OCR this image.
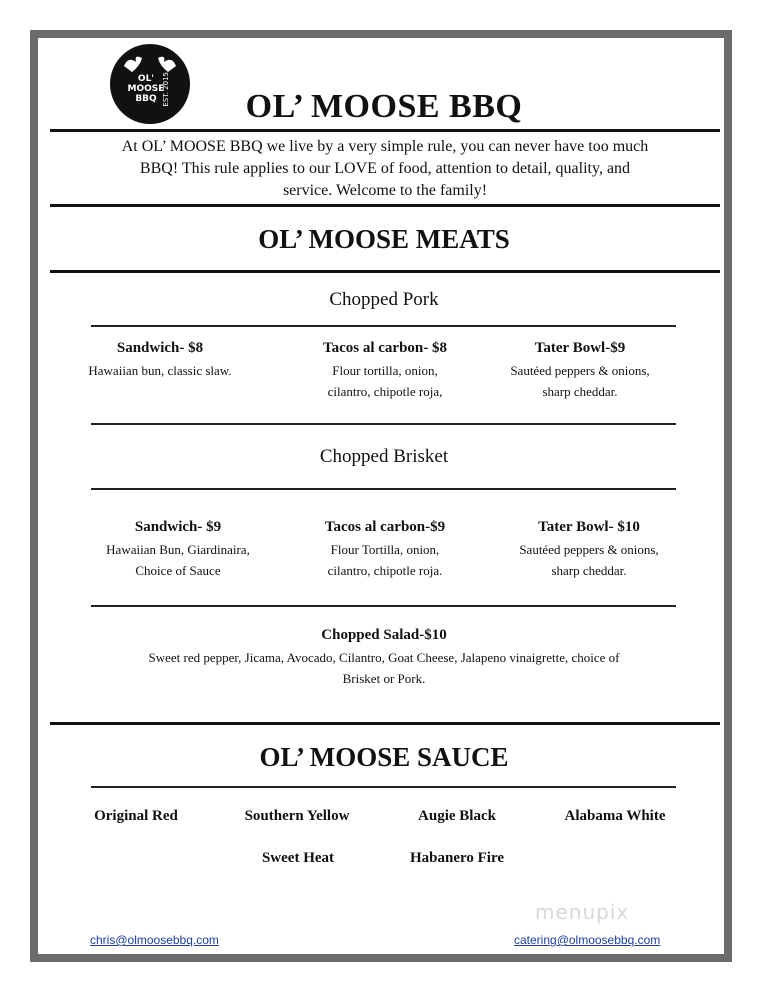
OL'
MOOSE
BBQ EST. 2015	OL’ MOOSE BBQ
At OL’ MOOSE BBQ we live by a very simple rule, you can never have too much
BBQ! This rule applies to our LOVE of food, attention to detail, quality, and
service. Welcome to the family!
OL’ MOOSE MEATS
Chopped Pork
Sandwich- $8
Hawaiian bun, classic slaw.
Tacos al carbon- $8
Flour tortilla, onion,
cilantro, chipotle roja,
Tater Bowl-$9
Sautéed peppers & onions,
sharp cheddar.
Chopped Brisket
Sandwich- $9
Hawaiian Bun, Giardinaira,
Choice of Sauce
Tacos al carbon-$9
Flour Tortilla, onion,
cilantro, chipotle roja.
Tater Bowl- $10
Sautéed peppers & onions,
sharp cheddar.
Chopped Salad-$10
Sweet red pepper, Jicama, Avocado, Cilantro, Goat Cheese, Jalapeno vinaigrette, choice of
Brisket or Pork.
OL’ MOOSE SAUCE
Original Red	Southern Yellow	Augie Black	Alabama White
Sweet Heat	Habanero Fire
menupix
chris@olmoosebbq.com	catering@olmoosebbq.com
